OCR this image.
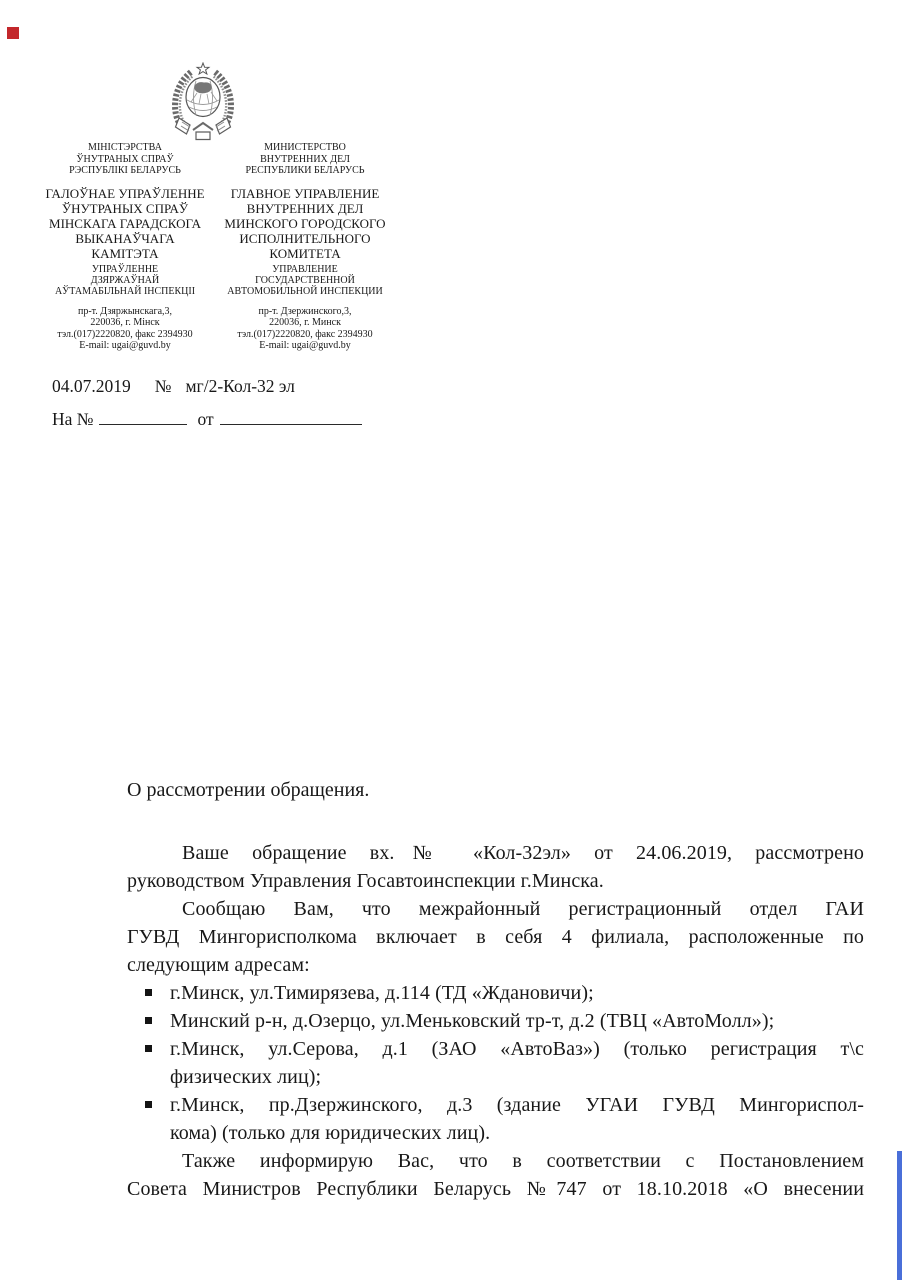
МІНІСТЭРСТВА
ЎНУТРАНЫХ СПРАЎ
РЭСПУБЛІКІ БЕЛАРУСЬ
ГАЛОЎНАЕ УПРАЎЛЕННЕ
ЎНУТРАНЫХ СПРАЎ
МІНСКАГА ГАРАДСКОГА
ВЫКАНАЎЧАГА
КАМІТЭТА
УПРАЎЛЕННЕ
ДЗЯРЖАЎНАЙ
АЎТАМАБІЛЬНАЙ ІНСПЕКЦІІ
пр-т. Дзяржынскага,3,
220036, г. Мінск
тэл.(017)2220820, факс 2394930
E-mail: ugai@guvd.by
МИНИСТЕРСТВО
ВНУТРЕННИХ ДЕЛ
РЕСПУБЛИКИ БЕЛАРУСЬ
ГЛАВНОЕ УПРАВЛЕНИЕ
ВНУТРЕННИХ ДЕЛ
МИНСКОГО ГОРОДСКОГО
ИСПОЛНИТЕЛЬНОГО
КОМИТЕТА
УПРАВЛЕНИЕ
ГОСУДАРСТВЕННОЙ
АВТОМОБИЛЬНОЙ ИНСПЕКЦИИ
пр-т. Дзержинского,3,
220036, г. Минск
тэл.(017)2220820, факс 2394930
E-mail: ugai@guvd.by
04.07.2019 № мг/2-Кол-32 эл
На №	от
О рассмотрении обращения.
Ваше обращение вх.№ «Кол-32эл» от 24.06.2019, рассмотрено
руководством Управления Госавтоинспекции г.Минска.
Сообщаю Вам, что межрайонный регистрационный отдел ГАИ
ГУВД Мингорисполкома включает в себя 4 филиала, расположенные по
следующим адресам:
г.Минск, ул.Тимирязева, д.114 (ТД «Ждановичи);
Минский р-н, д.Озерцо, ул.Меньковский тр-т, д.2 (ТВЦ «АвтоМолл»);
г.Минск, ул.Серова, д.1 (ЗАО «АвтоВаз») (только регистрация т\с
физических лиц);
г.Минск, пр.Дзержинского, д.3 (здание УГАИ ГУВД Мингориспол-
кома) (только для юридических лиц).
Также информирую Вас, что в соответствии с Постановлением
Совета Министров Республики Беларусь №747 от 18.10.2018 «О внесении
